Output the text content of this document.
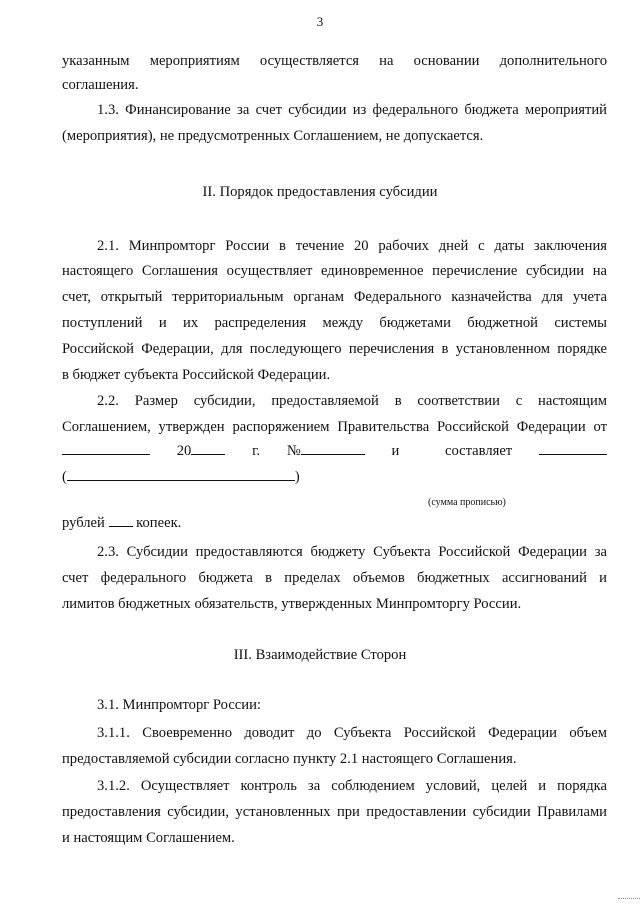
3
указанным мероприятиям осуществляется на основании дополнительного
соглашения.
1.3. Финансирование за счет субсидии из федерального бюджета мероприятий
(мероприятия), не предусмотренных Соглашением, не допускается.
II. Порядок предоставления субсидии
2.1. Минпромторг России в течение 20 рабочих дней с даты заключения
настоящего Соглашения осуществляет единовременное перечисление субсидии на
счет, открытый территориальным органам Федерального казначейства для учета
поступлений и их распределения между бюджетами бюджетной системы
Российской Федерации, для последующего перечисления в установленном порядке
в бюджет субъекта Российской Федерации.
2.2. Размер субсидии, предоставляемой в соответствии с настоящим
Соглашением, утвержден распоряжением Правительства Российской Федерации от
20	г. №	и составляет
(	)
(сумма прописью)
рублей копеек.
2.3. Субсидии предоставляются бюджету Субъекта Российской Федерации за
счет федерального бюджета в пределах объемов бюджетных ассигнований и
лимитов бюджетных обязательств, утвержденных Минпромторгу России.
III. Взаимодействие Сторон
3.1. Минпромторг России:
3.1.1. Своевременно доводит до Субъекта Российской Федерации объем
предоставляемой субсидии согласно пункту 2.1 настоящего Соглашения.
3.1.2. Осуществляет контроль за соблюдением условий, целей и порядка
предоставления субсидии, установленных при предоставлении субсидии Правилами
и настоящим Соглашением.
